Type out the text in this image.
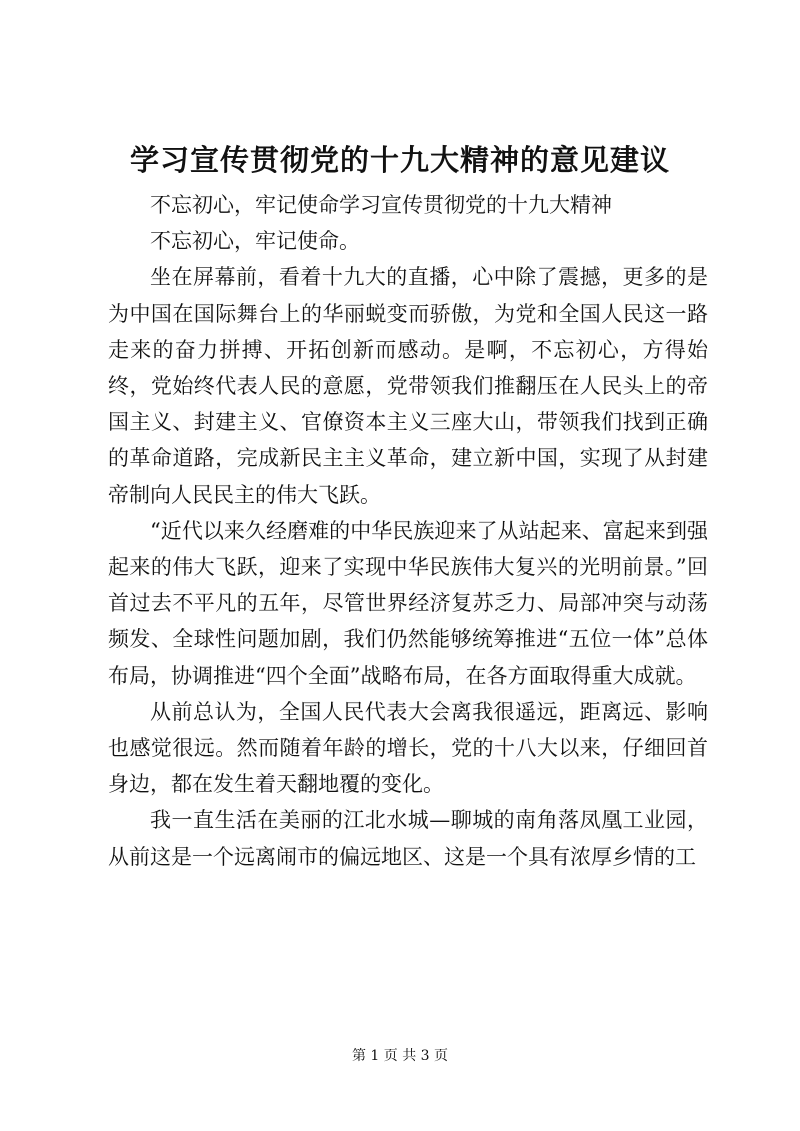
学习宣传贯彻党的十九大精神的意见建议

不忘初心，牢记使命学习宣传贯彻党的十九大精神

不忘初心，牢记使命。

坐在屏幕前，看着十九大的直播，心中除了震撼，更多的是为中国在国际舞台上的华丽蜕变而骄傲，为党和全国人民这一路走来的奋力拼搏、开拓创新而感动。是啊，不忘初心，方得始终，党始终代表人民的意愿，党带领我们推翻压在人民头上的帝国主义、封建主义、官僚资本主义三座大山，带领我们找到正确的革命道路，完成新民主主义革命，建立新中国，实现了从封建帝制向人民民主的伟大飞跃。

“近代以来久经磨难的中华民族迎来了从站起来、富起来到强起来的伟大飞跃，迎来了实现中华民族伟大复兴的光明前景。”回首过去不平凡的五年，尽管世界经济复苏乏力、局部冲突与动荡频发、全球性问题加剧，我们仍然能够统筹推进“五位一体”总体布局，协调推进“四个全面”战略布局，在各方面取得重大成就。

从前总认为，全国人民代表大会离我很遥远，距离远、影响也感觉很远。然而随着年龄的增长，党的十八大以来，仔细回首身边，都在发生着天翻地覆的变化。

我一直生活在美丽的江北水城—聊城的南角落凤凰工业园，从前这是一个远离闹市的偏远地区、这是一个具有浓厚乡情的工

第 1 页 共 3 页
